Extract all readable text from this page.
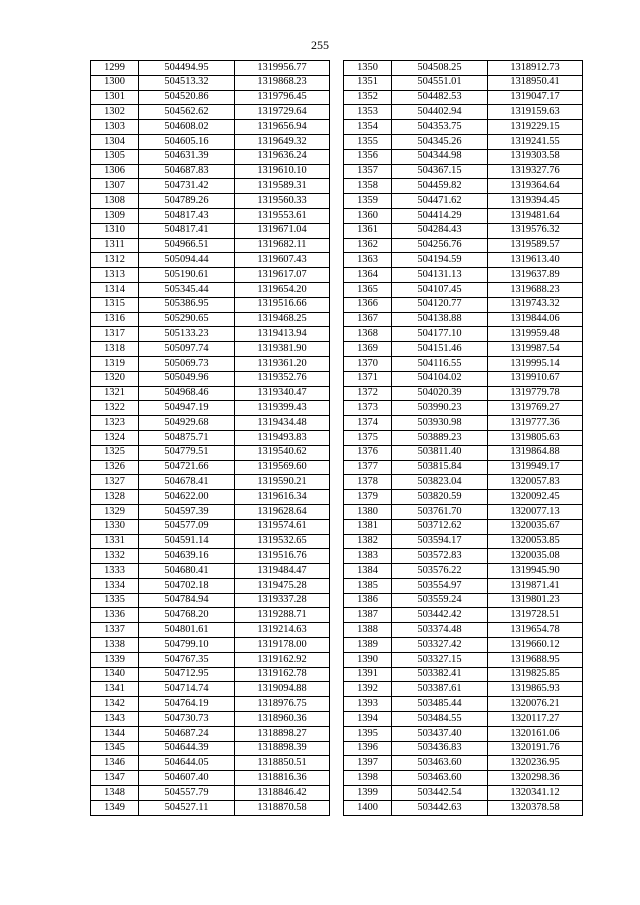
255
1299	504494.95	1319956.77
1300	504513.32	1319868.23
1301	504520.86	1319796.45
1302	504562.62	1319729.64
1303	504608.02	1319656.94
1304	504605.16	1319649.32
1305	504631.39	1319636.24
1306	504687.83	1319610.10
1307	504731.42	1319589.31
1308	504789.26	1319560.33
1309	504817.43	1319553.61
1310	504817.41	1319671.04
1311	504966.51	1319682.11
1312	505094.44	1319607.43
1313	505190.61	1319617.07
1314	505345.44	1319654.20
1315	505386.95	1319516.66
1316	505290.65	1319468.25
1317	505133.23	1319413.94
1318	505097.74	1319381.90
1319	505069.73	1319361.20
1320	505049.96	1319352.76
1321	504968.46	1319340.47
1322	504947.19	1319399.43
1323	504929.68	1319434.48
1324	504875.71	1319493.83
1325	504779.51	1319540.62
1326	504721.66	1319569.60
1327	504678.41	1319590.21
1328	504622.00	1319616.34
1329	504597.39	1319628.64
1330	504577.09	1319574.61
1331	504591.14	1319532.65
1332	504639.16	1319516.76
1333	504680.41	1319484.47
1334	504702.18	1319475.28
1335	504784.94	1319337.28
1336	504768.20	1319288.71
1337	504801.61	1319214.63
1338	504799.10	1319178.00
1339	504767.35	1319162.92
1340	504712.95	1319162.78
1341	504714.74	1319094.88
1342	504764.19	1318976.75
1343	504730.73	1318960.36
1344	504687.24	1318898.27
1345	504644.39	1318898.39
1346	504644.05	1318850.51
1347	504607.40	1318816.36
1348	504557.79	1318846.42
1349	504527.11	1318870.58
1350	504508.25	1318912.73
1351	504551.01	1318950.41
1352	504482.53	1319047.17
1353	504402.94	1319159.63
1354	504353.75	1319229.15
1355	504345.26	1319241.55
1356	504344.98	1319303.58
1357	504367.15	1319327.76
1358	504459.82	1319364.64
1359	504471.62	1319394.45
1360	504414.29	1319481.64
1361	504284.43	1319576.32
1362	504256.76	1319589.57
1363	504194.59	1319613.40
1364	504131.13	1319637.89
1365	504107.45	1319688.23
1366	504120.77	1319743.32
1367	504138.88	1319844.06
1368	504177.10	1319959.48
1369	504151.46	1319987.54
1370	504116.55	1319995.14
1371	504104.02	1319910.67
1372	504020.39	1319779.78
1373	503990.23	1319769.27
1374	503930.98	1319777.36
1375	503889.23	1319805.63
1376	503811.40	1319864.88
1377	503815.84	1319949.17
1378	503823.04	1320057.83
1379	503820.59	1320092.45
1380	503761.70	1320077.13
1381	503712.62	1320035.67
1382	503594.17	1320053.85
1383	503572.83	1320035.08
1384	503576.22	1319945.90
1385	503554.97	1319871.41
1386	503559.24	1319801.23
1387	503442.42	1319728.51
1388	503374.48	1319654.78
1389	503327.42	1319660.12
1390	503327.15	1319688.95
1391	503382.41	1319825.85
1392	503387.61	1319865.93
1393	503485.44	1320076.21
1394	503484.55	1320117.27
1395	503437.40	1320161.06
1396	503436.83	1320191.76
1397	503463.60	1320236.95
1398	503463.60	1320298.36
1399	503442.54	1320341.12
1400	503442.63	1320378.58
